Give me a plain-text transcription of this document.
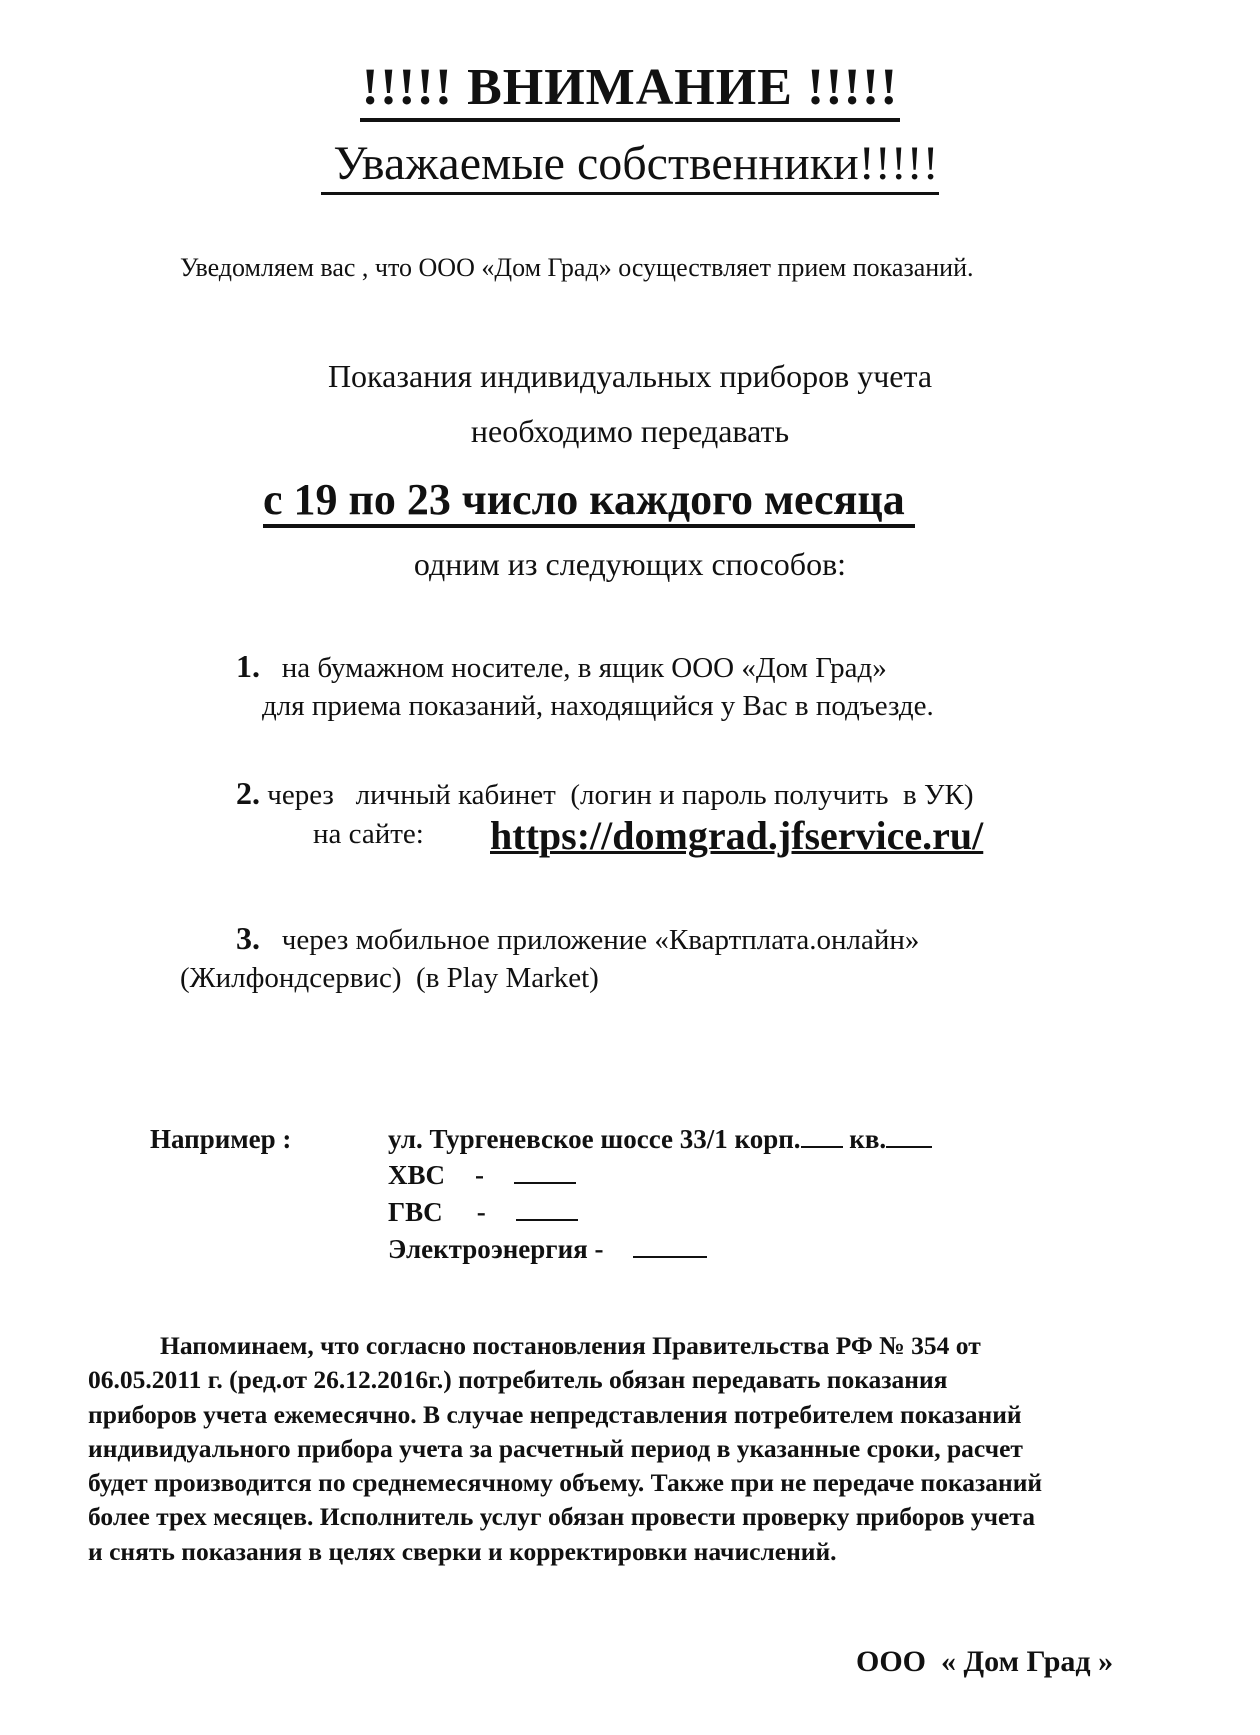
!!!!! ВНИМАНИЕ !!!!!
Уважаемые собственники!!!!!
Уведомляем вас , что ООО «Дом Град» осуществляет прием показаний.
Показания индивидуальных приборов учета
необходимо передавать
с 19 по 23 число каждого месяца
одним из следующих способов:
1. на бумажном носителе, в ящик ООО «Дом Град»
для приема показаний, находящийся у Вас в подъезде.
2. через   личный кабинет  (логин и пароль получить  в УК)
на сайте: https://domgrad.jfservice.ru/
3. через мобильное приложение «Квартплата.онлайн»
(Жилфондсервис)  (в Play Market)
Например :	ул. Тургеневское шоссе 33/1 корп. кв.
ХВС -
ГВС -
Электроэнергия -
Напоминаем, что согласно постановления Правительства РФ № 354 от
06.05.2011 г. (ред.от 26.12.2016г.) потребитель обязан передавать показания
приборов учета ежемесячно. В случае непредставления потребителем показаний
индивидуального прибора учета за расчетный период в указанные сроки, расчет
будет производится по среднемесячному объему. Также при не передаче показаний
более трех месяцев. Исполнитель услуг обязан провести проверку приборов учета
и снять показания в целях сверки и корректировки начислений.
ООО  « Дом Град »
